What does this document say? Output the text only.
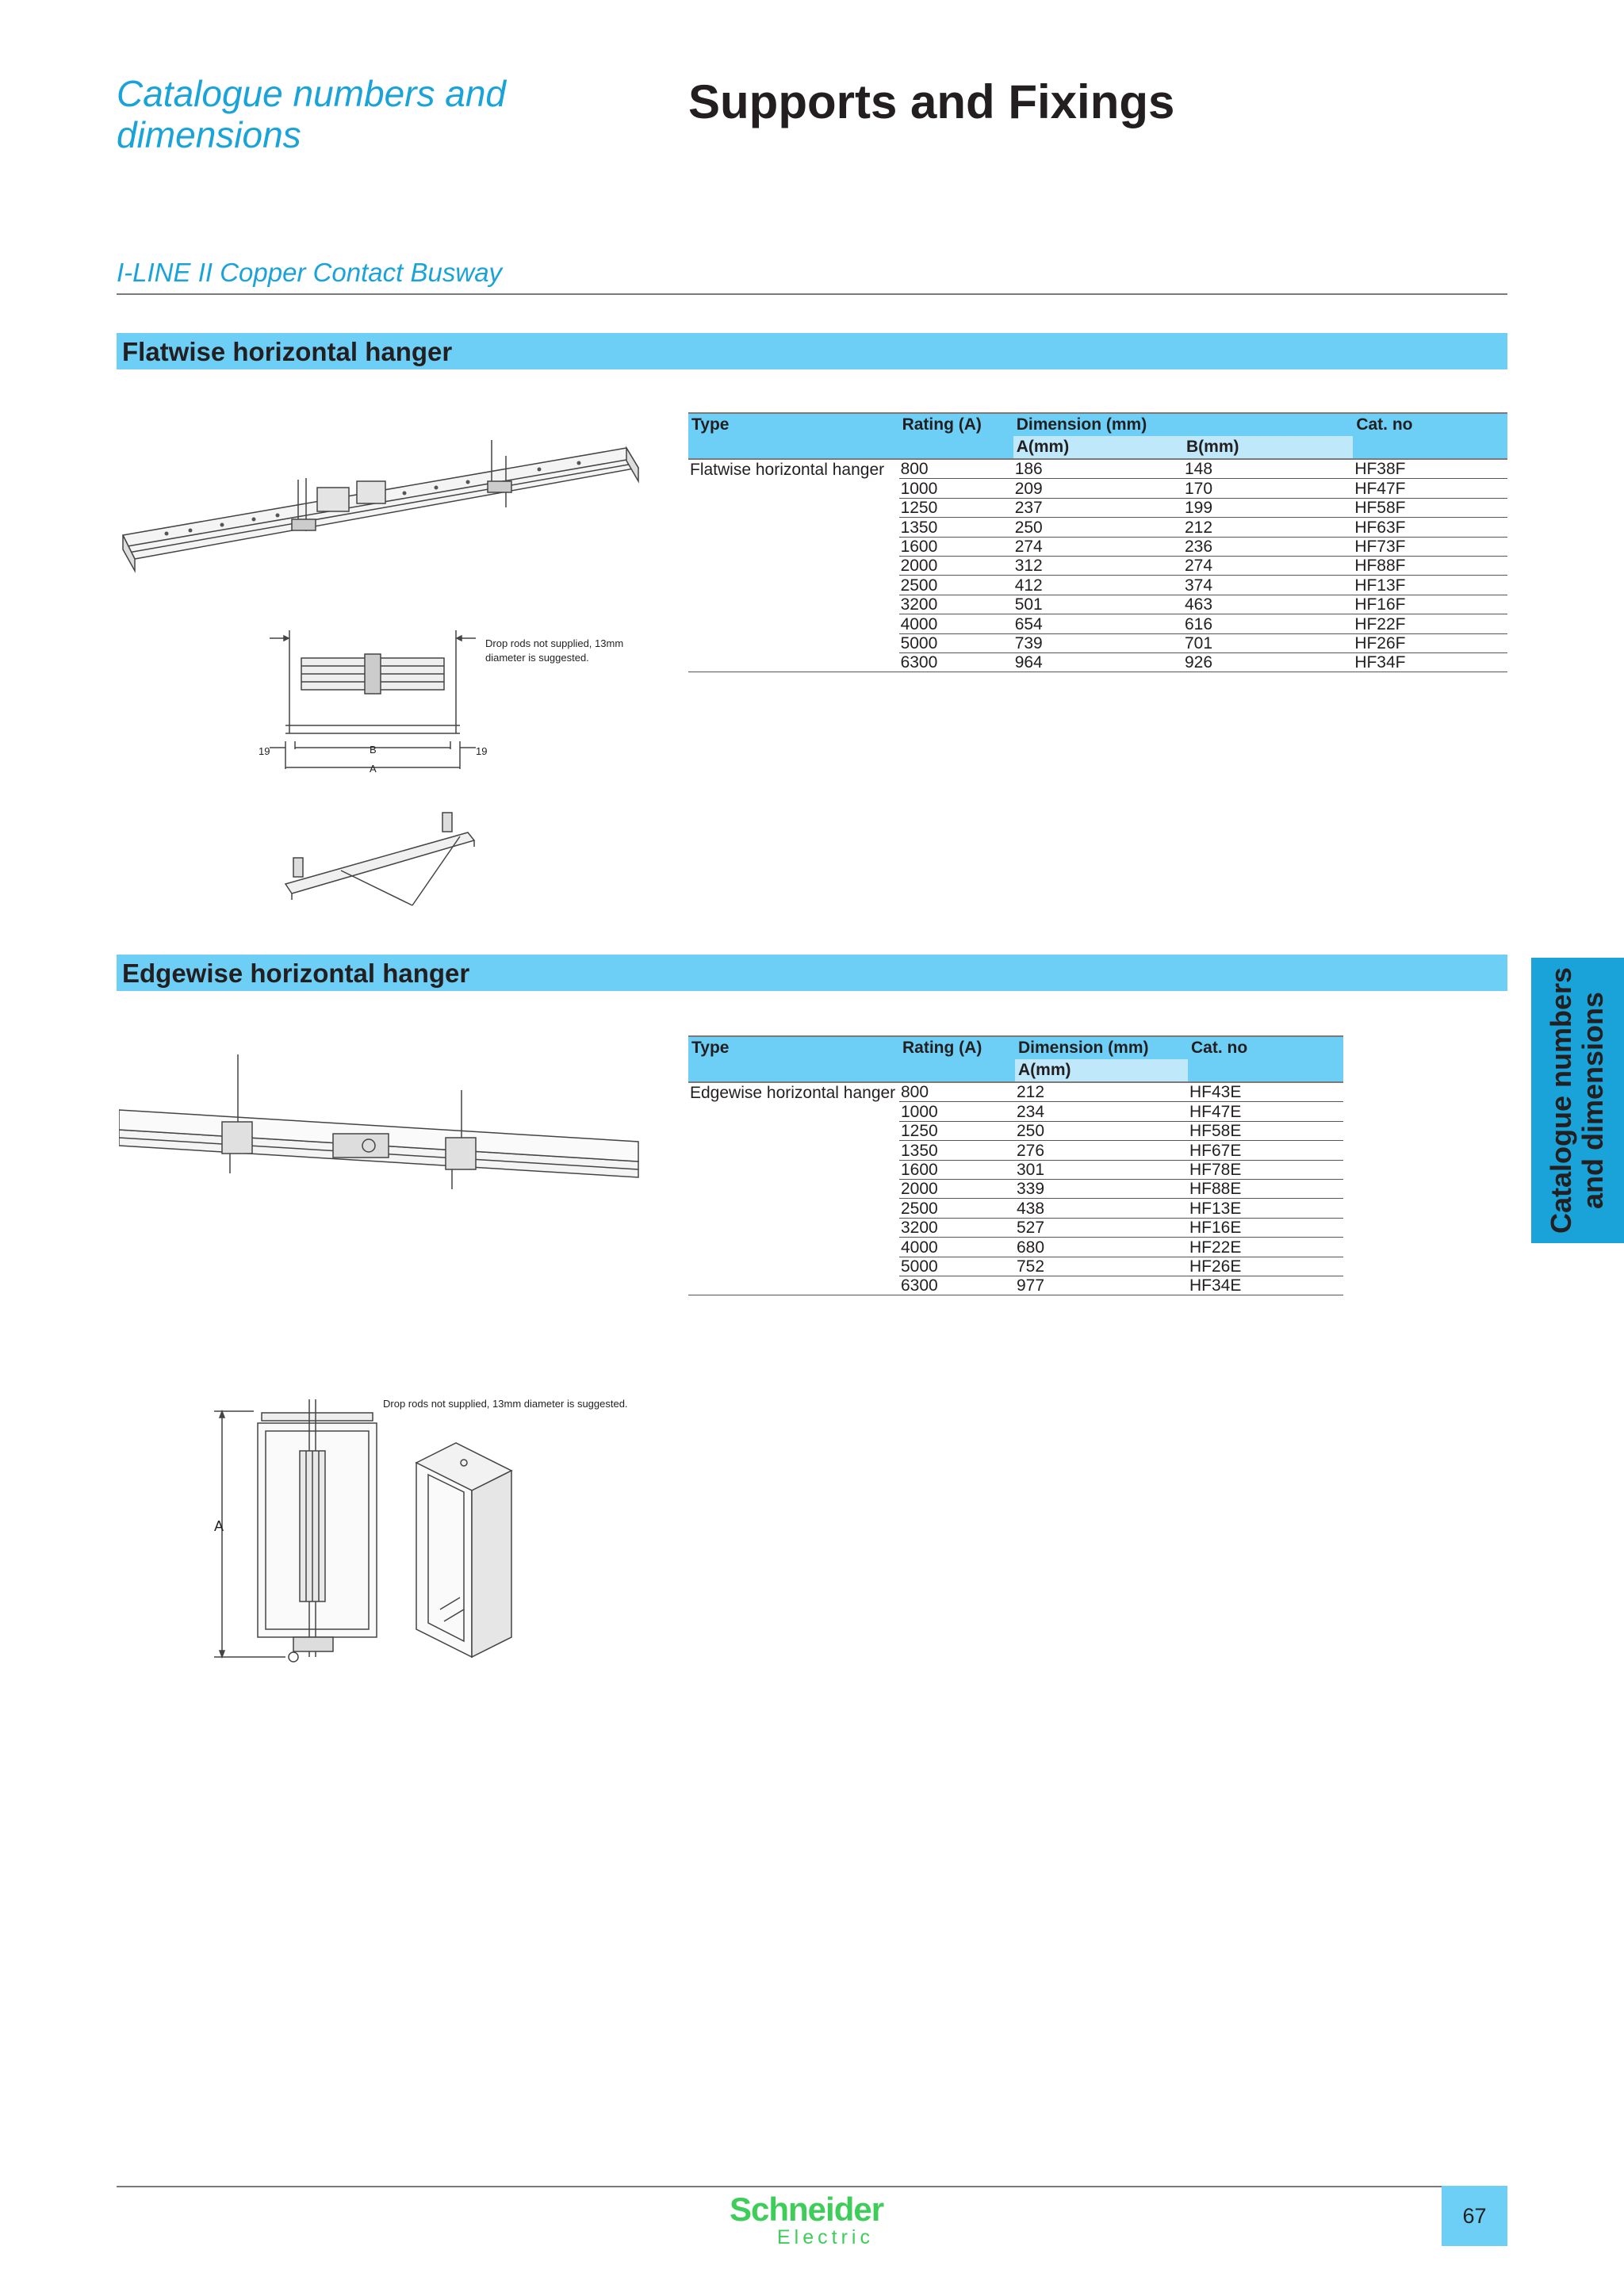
Catalogue numbers and dimensions
Supports and Fixings
I-LINE II Copper Contact Busway
Flatwise horizontal hanger
Drop rods not supplied, 13mm diameter is suggested.
19	B	19
A
Type	Rating (A)	Dimension (mm)		Cat. no
		A(mm)	B(mm)	
Flatwise horizontal hanger	800	186	148	HF38F
	1000	209	170	HF47F
	1250	237	199	HF58F
	1350	250	212	HF63F
	1600	274	236	HF73F
	2000	312	274	HF88F
	2500	412	374	HF13F
	3200	501	463	HF16F
	4000	654	616	HF22F
	5000	739	701	HF26F
	6300	964	926	HF34F
Edgewise horizontal hanger
Drop rods not supplied, 13mm diameter is suggested.
A
Type	Rating (A)	Dimension (mm)	Cat. no
		A(mm)	
Edgewise horizontal hanger	800	212	HF43E
	1000	234	HF47E
	1250	250	HF58E
	1350	276	HF67E
	1600	301	HF78E
	2000	339	HF88E
	2500	438	HF13E
	3200	527	HF16E
	4000	680	HF22E
	5000	752	HF26E
	6300	977	HF34E
Catalogue numbers and dimensions
Schneider
Electric
67
